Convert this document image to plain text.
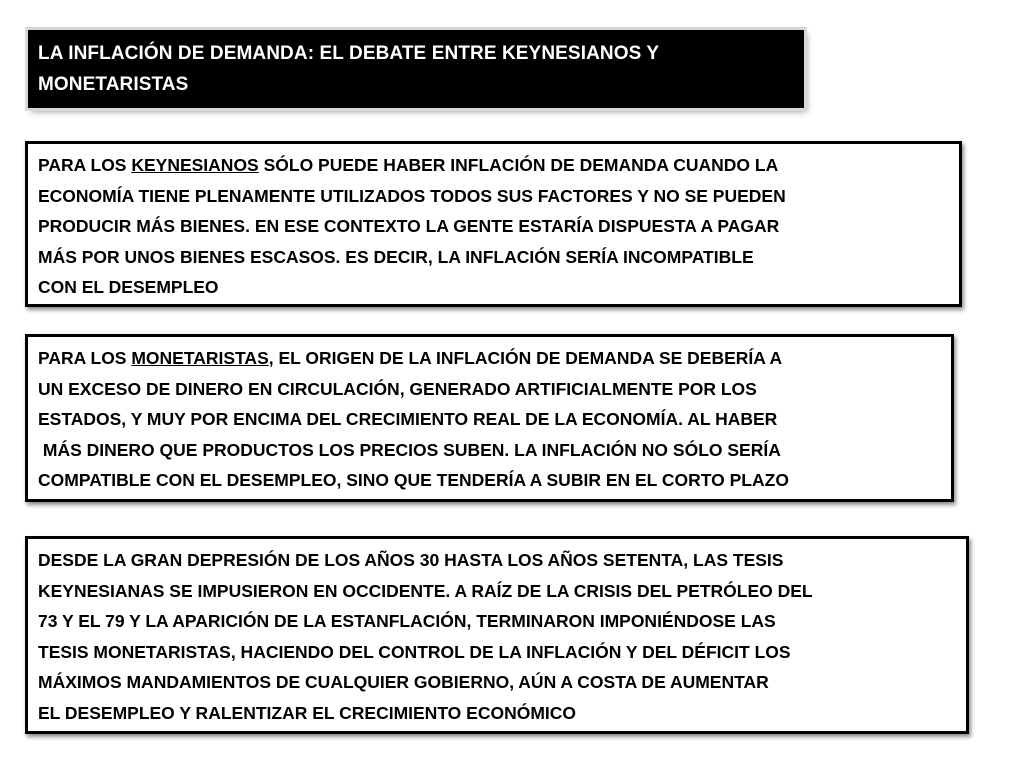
LA INFLACIÓN DE DEMANDA: EL DEBATE ENTRE KEYNESIANOS Y
MONETARISTAS
PARA LOS KEYNESIANOS SÓLO PUEDE HABER INFLACIÓN DE DEMANDA CUANDO LA
ECONOMÍA TIENE PLENAMENTE UTILIZADOS TODOS SUS FACTORES Y NO SE PUEDEN
PRODUCIR MÁS BIENES. EN ESE CONTEXTO LA GENTE ESTARÍA DISPUESTA A PAGAR
MÁS POR UNOS BIENES ESCASOS. ES DECIR, LA INFLACIÓN SERÍA INCOMPATIBLE
CON EL DESEMPLEO
PARA LOS MONETARISTAS, EL ORIGEN DE LA INFLACIÓN DE DEMANDA SE DEBERÍA A
UN EXCESO DE DINERO EN CIRCULACIÓN, GENERADO ARTIFICIALMENTE POR LOS
ESTADOS, Y MUY POR ENCIMA DEL CRECIMIENTO REAL DE LA ECONOMÍA. AL HABER
MÁS DINERO QUE PRODUCTOS LOS PRECIOS SUBEN. LA INFLACIÓN NO SÓLO SERÍA
COMPATIBLE CON EL DESEMPLEO, SINO QUE TENDERÍA A SUBIR EN EL CORTO PLAZO
DESDE LA GRAN DEPRESIÓN DE LOS AÑOS 30 HASTA LOS AÑOS SETENTA, LAS TESIS
KEYNESIANAS SE IMPUSIERON EN OCCIDENTE. A RAÍZ DE LA CRISIS DEL PETRÓLEO DEL
73 Y EL 79 Y LA APARICIÓN DE LA ESTANFLACIÓN, TERMINARON IMPONIÉNDOSE LAS
TESIS MONETARISTAS, HACIENDO DEL CONTROL DE LA INFLACIÓN Y DEL DÉFICIT LOS
MÁXIMOS MANDAMIENTOS DE CUALQUIER GOBIERNO, AÚN A COSTA DE AUMENTAR
EL DESEMPLEO Y RALENTIZAR EL CRECIMIENTO ECONÓMICO
